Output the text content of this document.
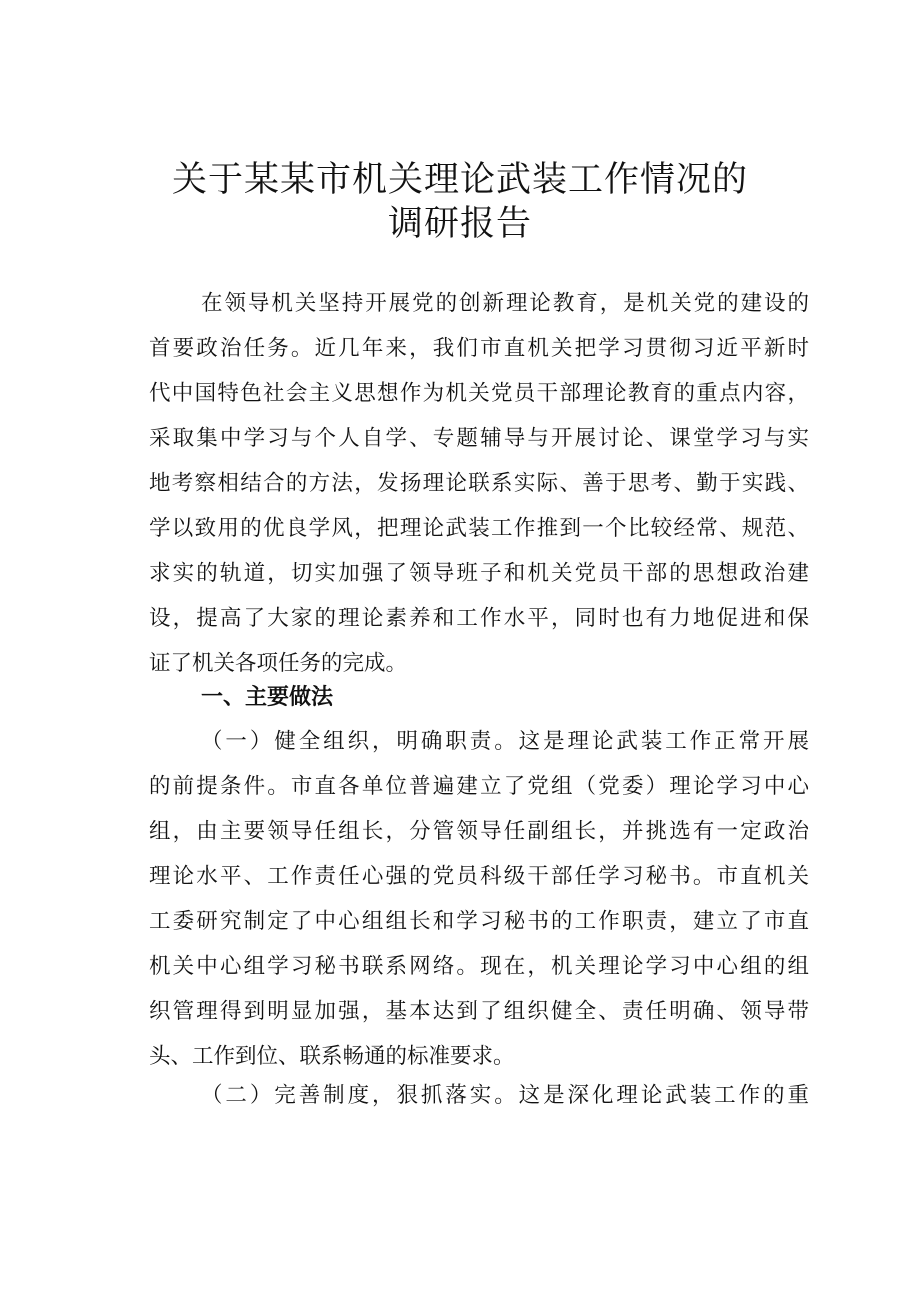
关于某某市机关理论武装工作情况的
调研报告
在领导机关坚持开展党的创新理论教育，是机关党的建设的
首要政治任务。近几年来，我们市直机关把学习贯彻习近平新时
代中国特色社会主义思想作为机关党员干部理论教育的重点内容，
采取集中学习与个人自学、专题辅导与开展讨论、课堂学习与实
地考察相结合的方法，发扬理论联系实际、善于思考、勤于实践、
学以致用的优良学风，把理论武装工作推到一个比较经常、规范、
求实的轨道，切实加强了领导班子和机关党员干部的思想政治建
设，提高了大家的理论素养和工作水平，同时也有力地促进和保
证了机关各项任务的完成。
一、主要做法
（一）健全组织，明确职责。这是理论武装工作正常开展
的前提条件。市直各单位普遍建立了党组（党委）理论学习中心
组，由主要领导任组长，分管领导任副组长，并挑选有一定政治
理论水平、工作责任心强的党员科级干部任学习秘书。市直机关
工委研究制定了中心组组长和学习秘书的工作职责，建立了市直
机关中心组学习秘书联系网络。现在，机关理论学习中心组的组
织管理得到明显加强，基本达到了组织健全、责任明确、领导带
头、工作到位、联系畅通的标准要求。
（二）完善制度，狠抓落实。这是深化理论武装工作的重
